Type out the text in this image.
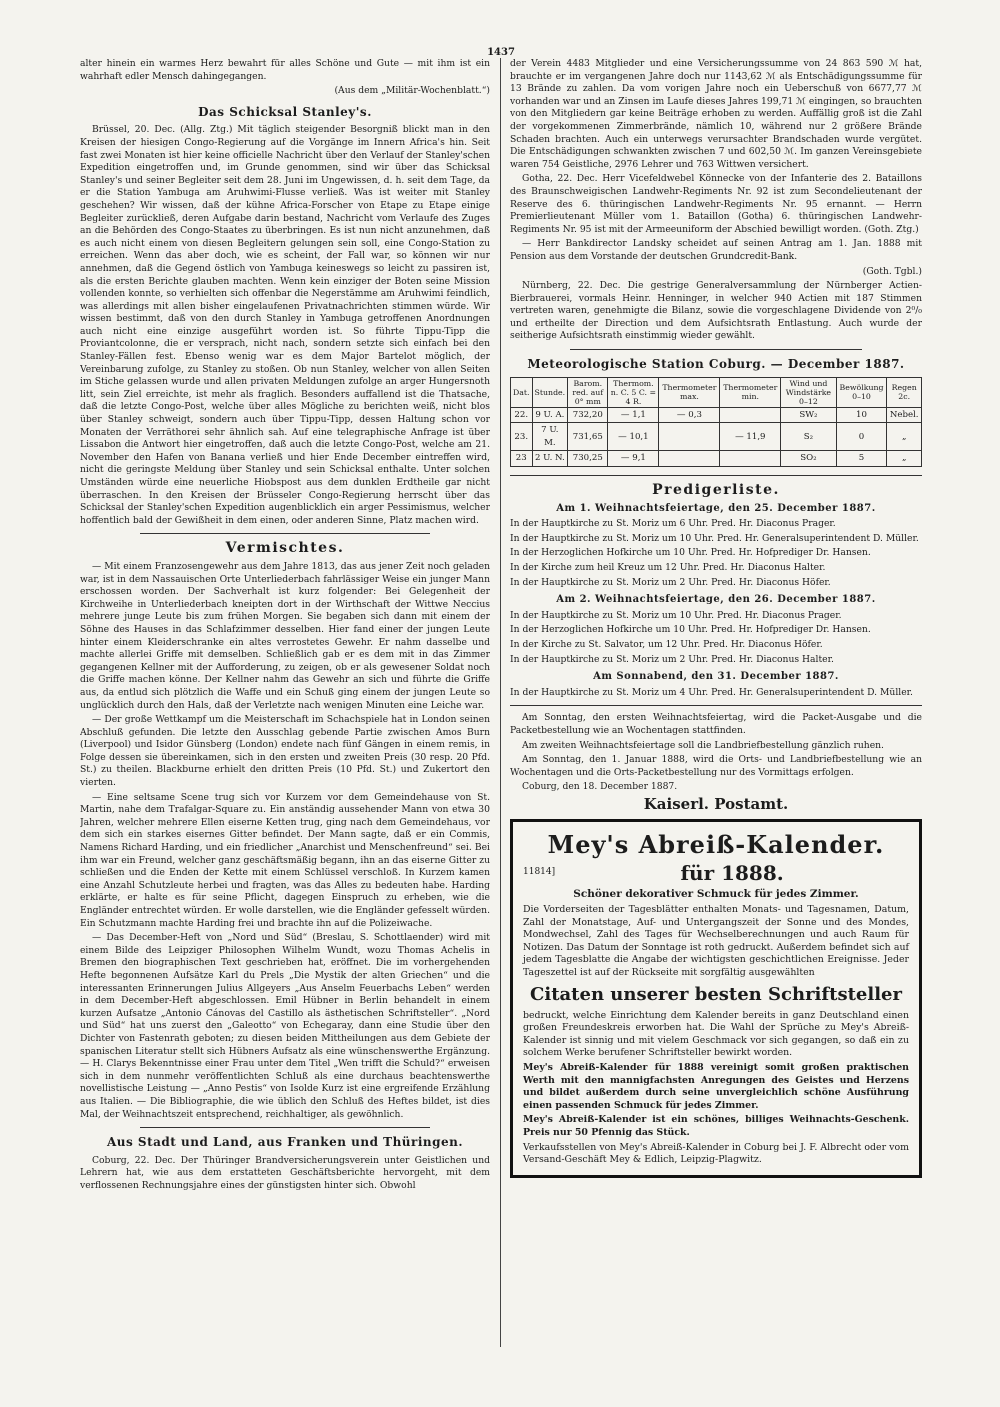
1437

alter hinein ein warmes Herz bewahrt für alles Schöne und Gute — mit ihm ist ein wahrhaft edler Mensch dahingegangen.

(Aus dem „Militär-Wochenblatt.“)

Das Schicksal Stanley's.

Brüssel, 20. Dec. (Allg. Ztg.) Mit täglich steigender Besorgniß blickt man in den Kreisen der hiesigen Congo-Regierung auf die Vorgänge im Innern Africa's hin. Seit fast zwei Monaten ist hier keine officielle Nachricht über den Verlauf der Stanley'schen Expedition eingetroffen und, im Grunde genommen, sind wir über das Schicksal Stanley's und seiner Begleiter seit dem 28. Juni im Ungewissen, d. h. seit dem Tage, da er die Station Yambuga am Aruhwimi-Flusse verließ. Was ist weiter mit Stanley geschehen? Wir wissen, daß der kühne Africa-Forscher von Etape zu Etape einige Begleiter zurückließ, deren Aufgabe darin bestand, Nachricht vom Verlaufe des Zuges an die Behörden des Congo-Staates zu überbringen. Es ist nun nicht anzunehmen, daß es auch nicht einem von diesen Begleitern gelungen sein soll, eine Congo-Station zu erreichen. Wenn das aber doch, wie es scheint, der Fall war, so können wir nur annehmen, daß die Gegend östlich von Yambuga keineswegs so leicht zu passiren ist, als die ersten Berichte glauben machten. Wenn kein einziger der Boten seine Mission vollenden konnte, so verhielten sich offenbar die Negerstämme am Aruhwimi feindlich, was allerdings mit allen bisher eingelaufenen Privatnachrichten stimmen würde. Wir wissen bestimmt, daß von den durch Stanley in Yambuga getroffenen Anordnungen auch nicht eine einzige ausgeführt worden ist. So führte Tippu-Tipp die Proviantcolonne, die er versprach, nicht nach, sondern setzte sich einfach bei den Stanley-Fällen fest. Ebenso wenig war es dem Major Bartelot möglich, der Vereinbarung zufolge, zu Stanley zu stoßen. Ob nun Stanley, welcher von allen Seiten im Stiche gelassen wurde und allen privaten Meldungen zufolge an arger Hungersnoth litt, sein Ziel erreichte, ist mehr als fraglich. Besonders auffallend ist die Thatsache, daß die letzte Congo-Post, welche über alles Mögliche zu berichten weiß, nicht blos über Stanley schweigt, sondern auch über Tippu-Tipp, dessen Haltung schon vor Monaten der Verräthorei sehr ähnlich sah. Auf eine telegraphische Anfrage ist über Lissabon die Antwort hier eingetroffen, daß auch die letzte Congo-Post, welche am 21. November den Hafen von Banana verließ und hier Ende December eintreffen wird, nicht die geringste Meldung über Stanley und sein Schicksal enthalte. Unter solchen Umständen würde eine neuerliche Hiobspost aus dem dunklen Erdtheile gar nicht überraschen. In den Kreisen der Brüsseler Congo-Regierung herrscht über das Schicksal der Stanley'schen Expedition augenblicklich ein arger Pessimismus, welcher hoffentlich bald der Gewißheit in dem einen, oder anderen Sinne, Platz machen wird.

Vermischtes.

— Mit einem Franzosengewehr aus dem Jahre 1813, das aus jener Zeit noch geladen war, ist in dem Nassauischen Orte Unterliederbach fahrlässiger Weise ein junger Mann erschossen worden. Der Sachverhalt ist kurz folgender: Bei Gelegenheit der Kirchweihe in Unterliederbach kneipten dort in der Wirthschaft der Wittwe Neccius mehrere junge Leute bis zum frühen Morgen. Sie begaben sich dann mit einem der Söhne des Hauses in das Schlafzimmer desselben. Hier fand einer der jungen Leute hinter einem Kleiderschranke ein altes verrostetes Gewehr. Er nahm dasselbe und machte allerlei Griffe mit demselben. Schließlich gab er es dem mit in das Zimmer gegangenen Kellner mit der Aufforderung, zu zeigen, ob er als gewesener Soldat noch die Griffe machen könne. Der Kellner nahm das Gewehr an sich und führte die Griffe aus, da entlud sich plötzlich die Waffe und ein Schuß ging einem der jungen Leute so unglücklich durch den Hals, daß der Verletzte nach wenigen Minuten eine Leiche war.

— Der große Wettkampf um die Meisterschaft im Schachspiele hat in London seinen Abschluß gefunden. Die letzte den Ausschlag gebende Partie zwischen Amos Burn (Liverpool) und Isidor Günsberg (London) endete nach fünf Gängen in einem remis, in Folge dessen sie übereinkamen, sich in den ersten und zweiten Preis (30 resp. 20 Pfd. St.) zu theilen. Blackburne erhielt den dritten Preis (10 Pfd. St.) und Zukertort den vierten.

— Eine seltsame Scene trug sich vor Kurzem vor dem Gemeindehause von St. Martin, nahe dem Trafalgar-Square zu. Ein anständig aussehender Mann von etwa 30 Jahren, welcher mehrere Ellen eiserne Ketten trug, ging nach dem Gemeindehaus, vor dem sich ein starkes eisernes Gitter befindet. Der Mann sagte, daß er ein Commis, Namens Richard Harding, und ein friedlicher „Anarchist und Menschenfreund“ sei. Bei ihm war ein Freund, welcher ganz geschäftsmäßig begann, ihn an das eiserne Gitter zu schließen und die Enden der Kette mit einem Schlüssel verschloß. In Kurzem kamen eine Anzahl Schutzleute herbei und fragten, was das Alles zu bedeuten habe. Harding erklärte, er halte es für seine Pflicht, dagegen Einspruch zu erheben, wie die Engländer entrechtet würden. Er wolle darstellen, wie die Engländer gefesselt würden. Ein Schutzmann machte Harding frei und brachte ihn auf die Polizeiwache.

— Das December-Heft von „Nord und Süd“ (Breslau, S. Schottlaender) wird mit einem Bilde des Leipziger Philosophen Wilhelm Wundt, wozu Thomas Achelis in Bremen den biographischen Text geschrieben hat, eröffnet. Die im vorhergehenden Hefte begonnenen Aufsätze Karl du Prels „Die Mystik der alten Griechen“ und die interessanten Erinnerungen Julius Allgeyers „Aus Anselm Feuerbachs Leben“ werden in dem December-Heft abgeschlossen. Emil Hübner in Berlin behandelt in einem kurzen Aufsatze „Antonio Cánovas del Castillo als ästhetischen Schriftsteller“. „Nord und Süd“ hat uns zuerst den „Galeotto“ von Echegaray, dann eine Studie über den Dichter von Fastenrath geboten; zu diesen beiden Mittheilungen aus dem Gebiete der spanischen Literatur stellt sich Hübners Aufsatz als eine wünschenswerthe Ergänzung. — H. Clarys Bekenntnisse einer Frau unter dem Titel „Wen trifft die Schuld?“ erweisen sich in dem nunmehr veröffentlichten Schluß als eine durchaus beachtenswerthe novellistische Leistung — „Anno Pestis“ von Isolde Kurz ist eine ergreifende Erzählung aus Italien. — Die Bibliographie, die wie üblich den Schluß des Heftes bildet, ist dies Mal, der Weihnachtszeit entsprechend, reichhaltiger, als gewöhnlich.

Aus Stadt und Land, aus Franken und Thüringen.

Coburg, 22. Dec. Der Thüringer Brandversicherungsverein unter Geistlichen und Lehrern hat, wie aus dem erstatteten Geschäftsberichte hervorgeht, mit dem verflossenen Rechnungsjahre eines der günstigsten hinter sich. Obwohl

der Verein 4483 Mitglieder und eine Versicherungssumme von 24 863 590 ℳ hat, brauchte er im vergangenen Jahre doch nur 1143,62 ℳ als Entschädigungssumme für 13 Brände zu zahlen. Da vom vorigen Jahre noch ein Ueberschuß von 6677,77 ℳ vorhanden war und an Zinsen im Laufe dieses Jahres 199,71 ℳ eingingen, so brauchten von den Mitgliedern gar keine Beiträge erhoben zu werden. Auffällig groß ist die Zahl der vorgekommenen Zimmerbrände, nämlich 10, während nur 2 größere Brände Schaden brachten. Auch ein unterwegs verursachter Brandschaden wurde vergütet. Die Entschädigungen schwankten zwischen 7 und 602,50 ℳ. Im ganzen Vereinsgebiete waren 754 Geistliche, 2976 Lehrer und 763 Wittwen versichert.

Gotha, 22. Dec. Herr Vicefeldwebel Könnecke von der Infanterie des 2. Bataillons des Braunschweigischen Landwehr-Regiments Nr. 92 ist zum Secondelieutenant der Reserve des 6. thüringischen Landwehr-Regiments Nr. 95 ernannt. — Herrn Premierlieutenant Müller vom 1. Bataillon (Gotha) 6. thüringischen Landwehr-Regiments Nr. 95 ist mit der Armeeuniform der Abschied bewilligt worden. (Goth. Ztg.)

— Herr Bankdirector Landsky scheidet auf seinen Antrag am 1. Jan. 1888 mit Pension aus dem Vorstande der deutschen Grundcredit-Bank.

(Goth. Tgbl.)

Nürnberg, 22. Dec. Die gestrige Generalversammlung der Nürnberger Actien-Bierbrauerei, vormals Heinr. Henninger, in welcher 940 Actien mit 187 Stimmen vertreten waren, genehmigte die Bilanz, sowie die vorgeschlagene Dividende von 2⁰/₀ und ertheilte der Direction und dem Aufsichtsrath Entlastung. Auch wurde der seitherige Aufsichtsrath einstimmig wieder gewählt.

Meteorologische Station Coburg. — December 1887.
Dat.	Stunde.	Barom. red. auf 0° mm	Thermom. n. C. 5 C. = 4 R.	Thermometer max.	Thermometer min.	Wind und Windstärke 0–12	Bewölkung 0–10	Regen 2c.
22.	9 U. A.	732,20	— 1,1	— 0,3		SW₂	10	Nebel.
23.	7 U. M.	731,65	— 10,1		— 11,9	S₂	0	„
23	2 U. N.	730,25	— 9,1			SO₂	5	„
Predigerliste.
Am 1. Weihnachtsfeiertage, den 25. December 1887.

In der Hauptkirche zu St. Moriz um 6 Uhr. Pred. Hr. Diaconus Prager.

In der Hauptkirche zu St. Moriz um 10 Uhr. Pred. Hr. Generalsuperintendent D. Müller.

In der Herzoglichen Hofkirche um 10 Uhr. Pred. Hr. Hofprediger Dr. Hansen.

In der Kirche zum heil Kreuz um 12 Uhr. Pred. Hr. Diaconus Halter.

In der Hauptkirche zu St. Moriz um 2 Uhr. Pred. Hr. Diaconus Höfer.

Am 2. Weihnachtsfeiertage, den 26. December 1887.

In der Hauptkirche zu St. Moriz um 10 Uhr. Pred. Hr. Diaconus Prager.

In der Herzoglichen Hofkirche um 10 Uhr. Pred. Hr. Hofprediger Dr. Hansen.

In der Kirche zu St. Salvator, um 12 Uhr. Pred. Hr. Diaconus Höfer.

In der Hauptkirche zu St. Moriz um 2 Uhr. Pred. Hr. Diaconus Halter.

Am Sonnabend, den 31. December 1887.

In der Hauptkirche zu St. Moriz um 4 Uhr. Pred. Hr. Generalsuperintendent D. Müller.

Am Sonntag, den ersten Weihnachtsfeiertag, wird die Packet-Ausgabe und die Packetbestellung wie an Wochentagen stattfinden.

Am zweiten Weihnachtsfeiertage soll die Landbriefbestellung gänzlich ruhen.

Am Sonntag, den 1. Januar 1888, wird die Orts- und Landbriefbestellung wie an Wochentagen und die Orts-Packetbestellung nur des Vormittags erfolgen.

Coburg, den 18. December 1887.

Kaiserl. Postamt.
Mey's Abreiß-Kalender.
11814]	für 1888.
Schöner dekorativer Schmuck für jedes Zimmer.

Die Vorderseiten der Tagesblätter enthalten Monats- und Tagesnamen, Datum, Zahl der Monatstage, Auf- und Untergangszeit der Sonne und des Mondes, Mondwechsel, Zahl des Tages für Wechselberechnungen und auch Raum für Notizen. Das Datum der Sonntage ist roth gedruckt. Außerdem befindet sich auf jedem Tagesblatte die Angabe der wichtigsten geschichtlichen Ereignisse. Jeder Tageszettel ist auf der Rückseite mit sorgfältig ausgewählten

Citaten unserer besten Schriftsteller

bedruckt, welche Einrichtung dem Kalender bereits in ganz Deutschland einen großen Freundeskreis erworben hat. Die Wahl der Sprüche zu Mey's Abreiß-Kalender ist sinnig und mit vielem Geschmack vor sich gegangen, so daß ein zu solchem Werke berufener Schriftsteller bewirkt worden.

Mey's Abreiß-Kalender für 1888 vereinigt somit großen praktischen Werth mit den mannigfachsten Anregungen des Geistes und Herzens und bildet außerdem durch seine unvergleichlich schöne Ausführung einen passenden Schmuck für jedes Zimmer.

Mey's Abreiß-Kalender ist ein schönes, billiges Weihnachts-Geschenk. Preis nur 50 Pfennig das Stück.

Verkaufsstellen von Mey's Abreiß-Kalender in Coburg bei J. F. Albrecht oder vom Versand-Geschäft Mey & Edlich, Leipzig-Plagwitz.
